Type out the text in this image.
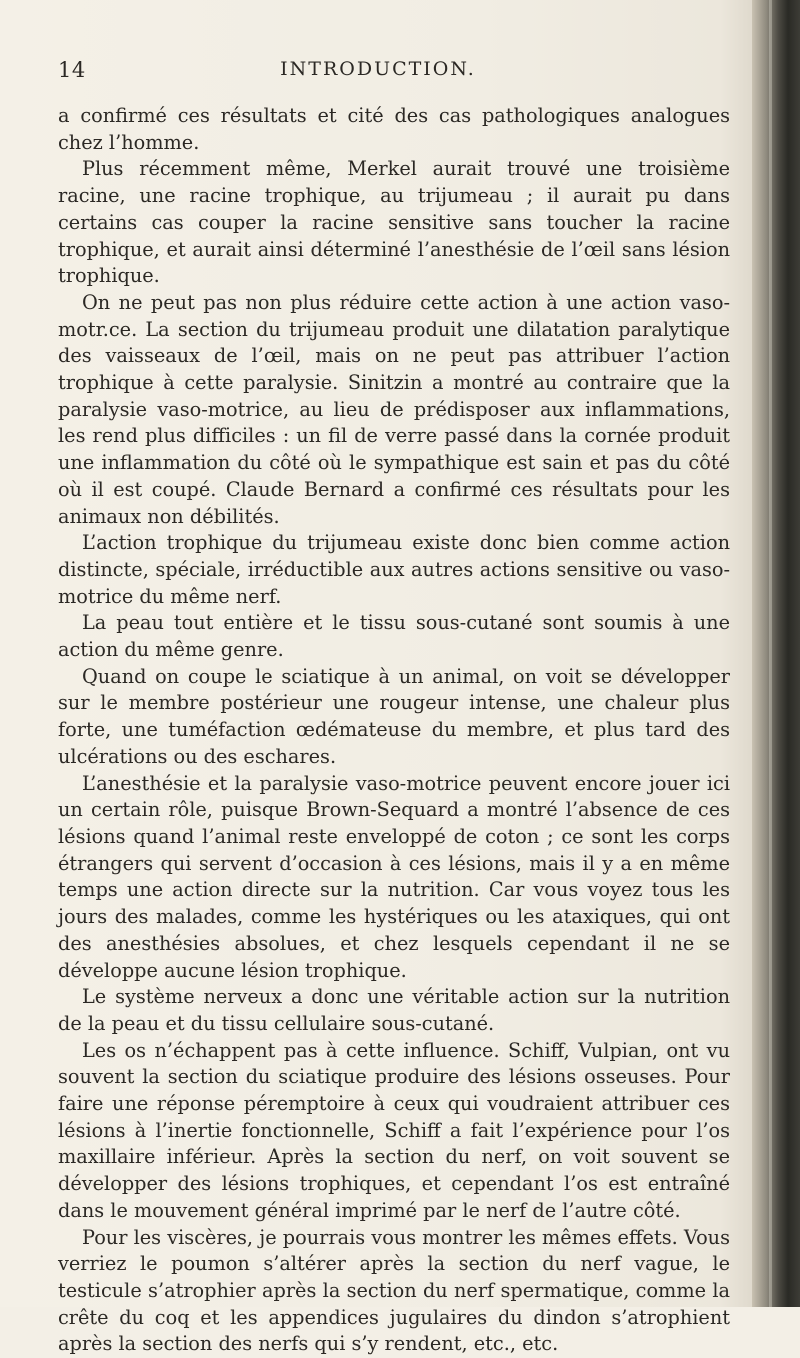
14	INTRODUCTION.

a confirmé ces résultats et cité des cas pathologiques analogues chez l’homme.

Plus récemment même, Merkel aurait trouvé une troisième racine, une racine trophique, au trijumeau ; il aurait pu dans certains cas couper la racine sensitive sans toucher la racine trophique, et aurait ainsi déterminé l’anesthésie de l’œil sans lésion trophique.

On ne peut pas non plus réduire cette action à une action vaso-motr.ce. La section du trijumeau produit une dilatation paralytique des vaisseaux de l’œil, mais on ne peut pas attribuer l’action trophique à cette paralysie. Sinitzin a montré au contraire que la paralysie vaso-motrice, au lieu de prédisposer aux inflammations, les rend plus difficiles : un fil de verre passé dans la cornée produit une inflammation du côté où le sympathique est sain et pas du côté où il est coupé. Claude Bernard a confirmé ces résultats pour les animaux non débilités.

L’action trophique du trijumeau existe donc bien comme action distincte, spéciale, irréductible aux autres actions sensitive ou vaso-motrice du même nerf.

La peau tout entière et le tissu sous-cutané sont soumis à une action du même genre.

Quand on coupe le sciatique à un animal, on voit se développer sur le membre postérieur une rougeur intense, une chaleur plus forte, une tuméfaction œdémateuse du membre, et plus tard des ulcérations ou des eschares.

L’anesthésie et la paralysie vaso-motrice peuvent encore jouer ici un certain rôle, puisque Brown-Sequard a montré l’absence de ces lésions quand l’animal reste enveloppé de coton ; ce sont les corps étrangers qui servent d’occasion à ces lésions, mais il y a en même temps une action directe sur la nutrition. Car vous voyez tous les jours des malades, comme les hystériques ou les ataxiques, qui ont des anesthésies absolues, et chez lesquels cependant il ne se développe aucune lésion trophique.

Le système nerveux a donc une véritable action sur la nutrition de la peau et du tissu cellulaire sous-cutané.

Les os n’échappent pas à cette influence. Schiff, Vulpian, ont vu souvent la section du sciatique produire des lésions osseuses. Pour faire une réponse péremptoire à ceux qui voudraient attribuer ces lésions à l’inertie fonctionnelle, Schiff a fait l’expérience pour l’os maxillaire inférieur. Après la section du nerf, on voit souvent se développer des lésions trophiques, et cependant l’os est entraîné dans le mouvement général imprimé par le nerf de l’autre côté.

Pour les viscères, je pourrais vous montrer les mêmes effets. Vous verriez le poumon s’altérer après la section du nerf vague, le testicule s’atrophier après la section du nerf spermatique, comme la crête du coq et les appendices jugulaires du dindon s’atrophient après la section des nerfs qui s’y rendent, etc., etc.
